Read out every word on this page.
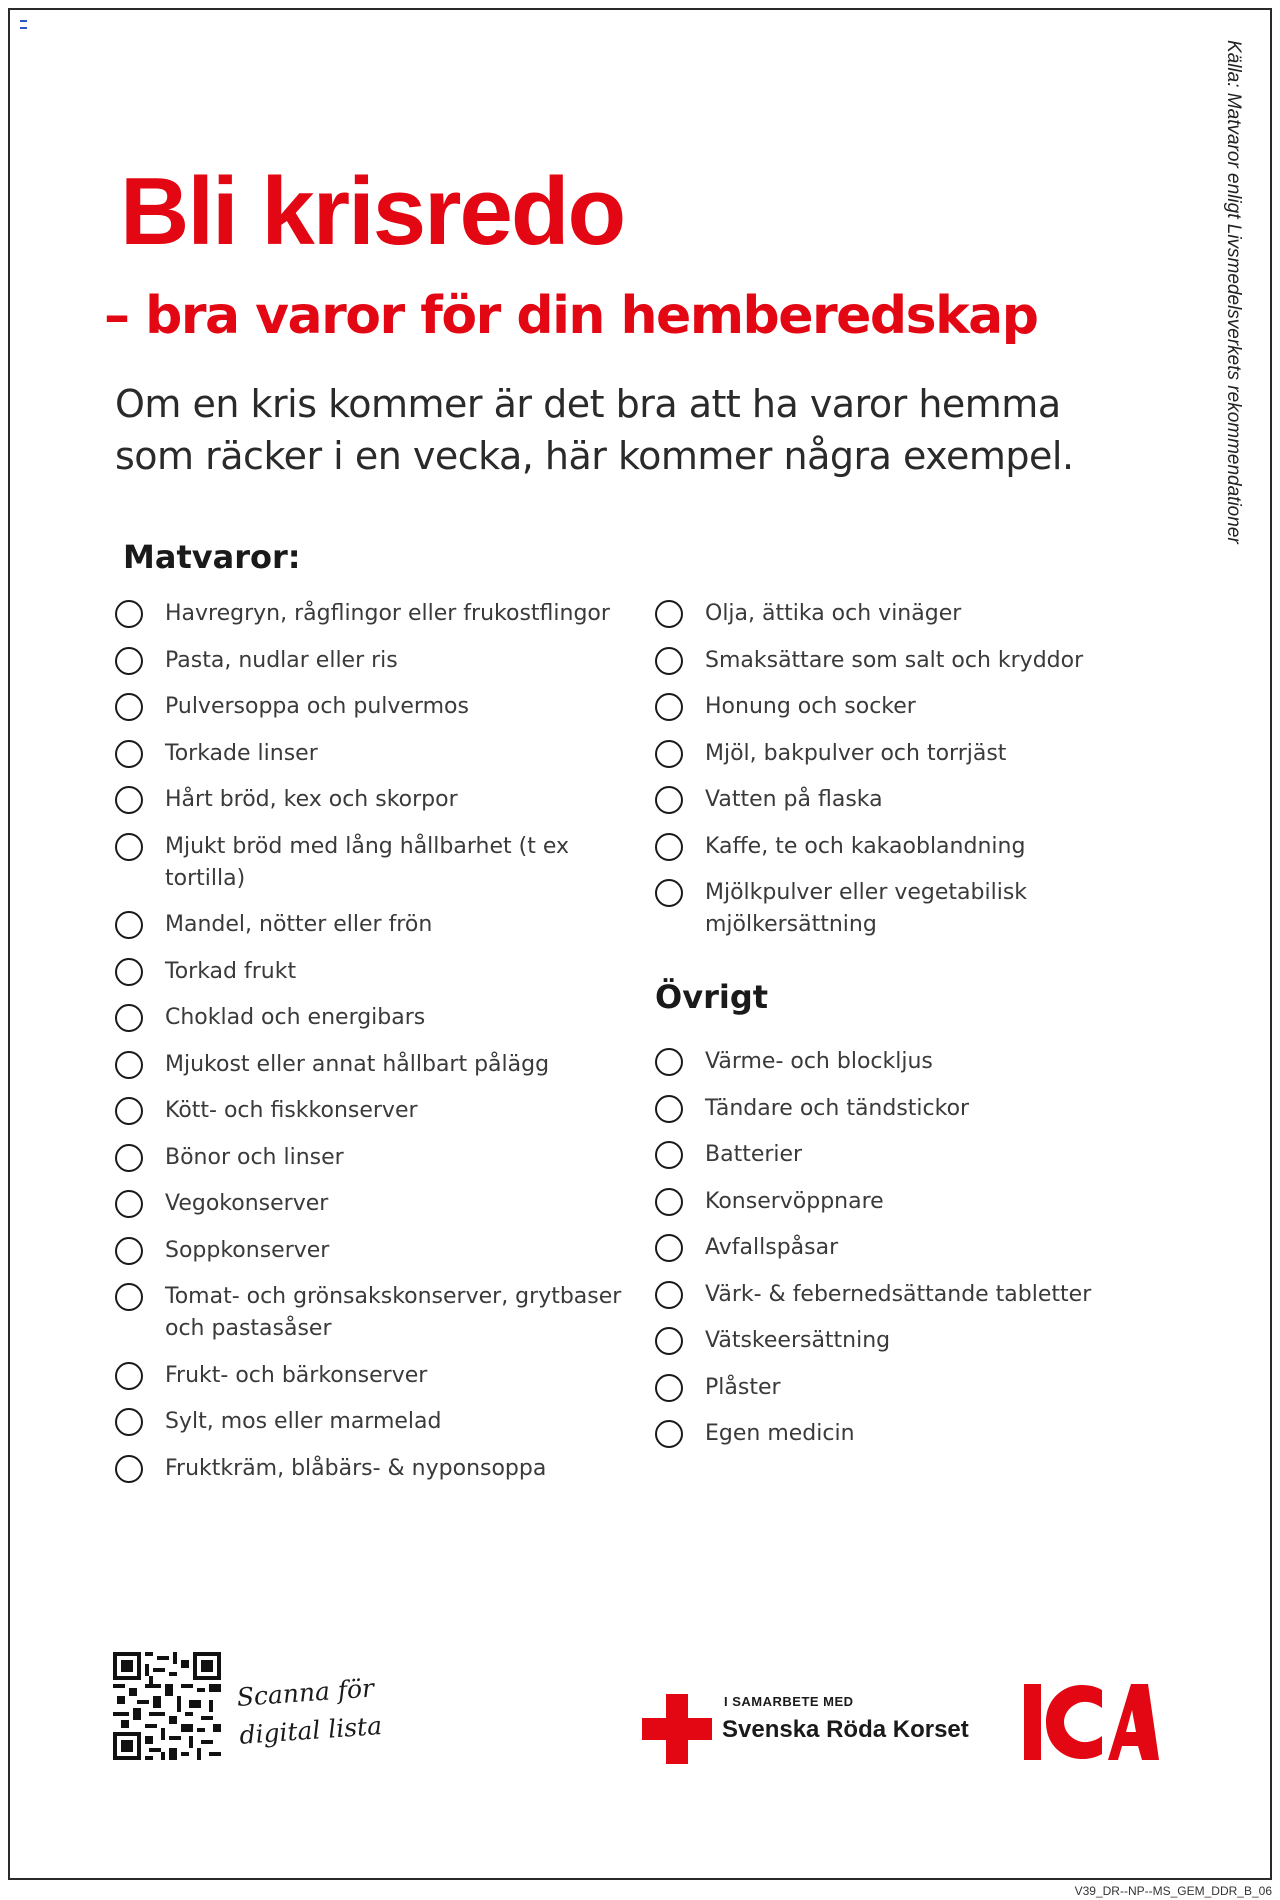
Källa: Matvaror enligt Livsmedelsverkets rekommendationer
Bli krisredo
– bra varor för din hemberedskap

Om en kris kommer är det bra att ha varor hemma som räcker i en vecka, här kommer några exempel.

Matvaror:
Havregryn, rågflingor eller frukostflingor
Pasta, nudlar eller ris
Pulversoppa och pulvermos
Torkade linser
Hårt bröd, kex och skorpor
Mjukt bröd med lång hållbarhet (t ex tortilla)
Mandel, nötter eller frön
Torkad frukt
Choklad och energibars
Mjukost eller annat hållbart pålägg
Kött- och fiskkonserver
Bönor och linser
Vegokonserver
Soppkonserver
Tomat- och grönsakskonserver, grytbaser och pastasåser
Frukt- och bärkonserver
Sylt, mos eller marmelad
Fruktkräm, blåbärs- & nyponsoppa
Olja, ättika och vinäger
Smaksättare som salt och kryddor
Honung och socker
Mjöl, bakpulver och torrjäst
Vatten på flaska
Kaffe, te och kakaoblandning
Mjölkpulver eller vegetabilisk mjölkersättning
Övrigt
Värme- och blockljus
Tändare och tändstickor
Batterier
Konservöppnare
Avfallspåsar
Värk- & febernedsättande tabletter
Vätskeersättning
Plåster
Egen medicin

Scanna för digital lista

I SAMARBETE MED
Svenska Röda Korset
V39_DR--NP--MS_GEM_DDR_B_06
